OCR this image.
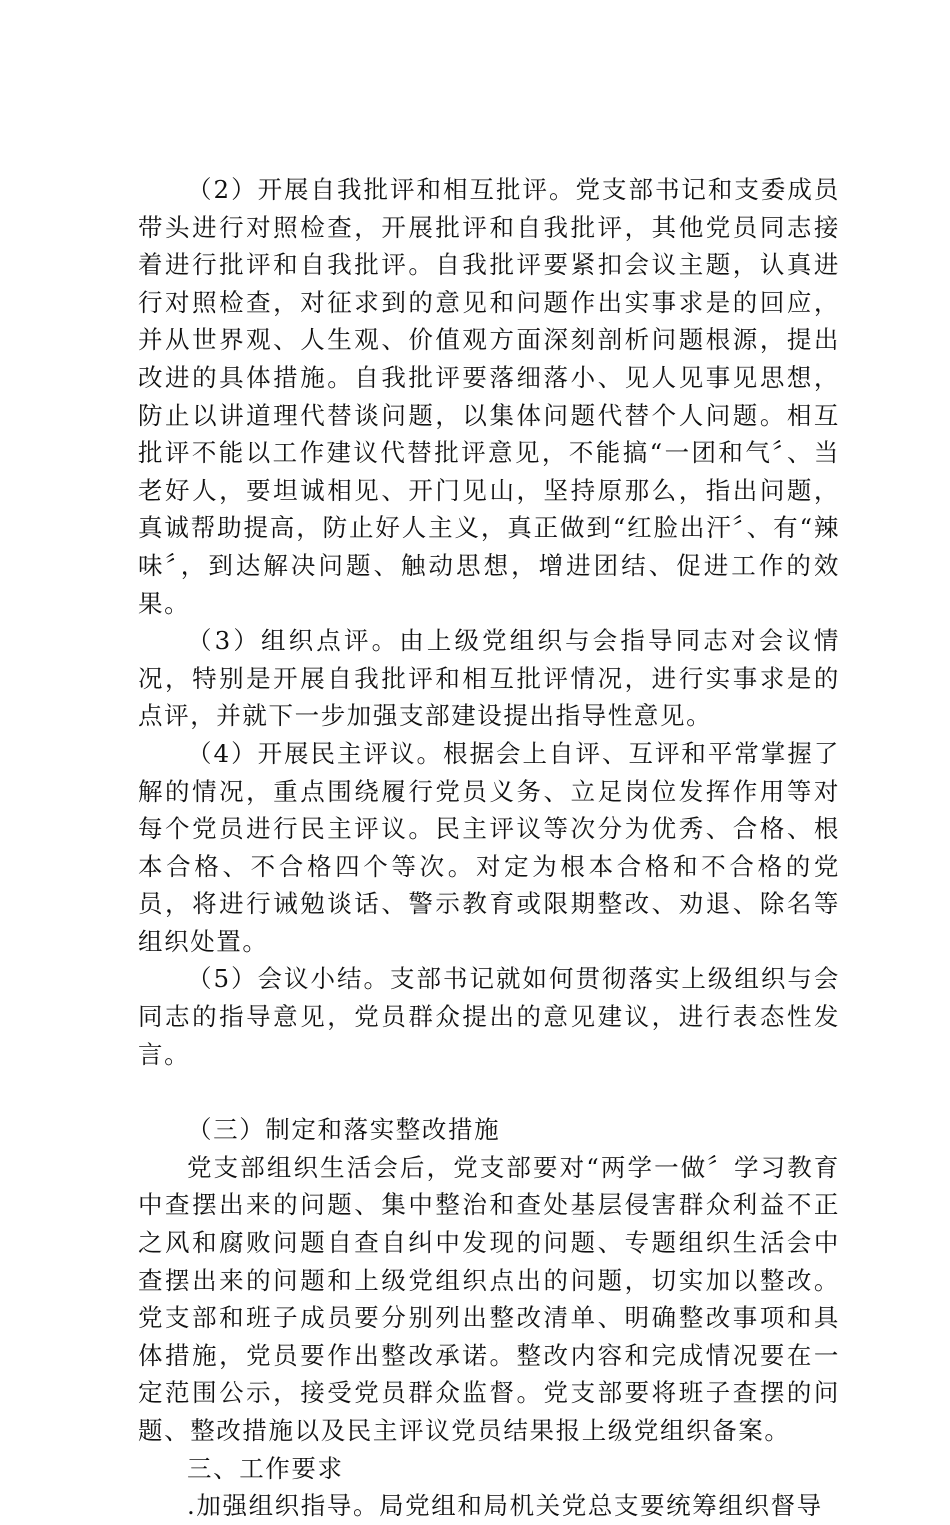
（2）开展自我批评和相互批评。党支部书记和支委成员带头进行对照检查，开展批评和自我批评，其他党员同志接着进行批评和自我批评。自我批评要紧扣会议主题，认真进行对照检查，对征求到的意见和问题作出实事求是的回应，并从世界观、人生观、价值观方面深刻剖析问题根源，提出改进的具体措施。自我批评要落细落小、见人见事见思想，防止以讲道理代替谈问题，以集体问题代替个人问题。相互批评不能以工作建议代替批评意见，不能搞“一团和气〞、当老好人，要坦诚相见、开门见山，坚持原那么，指出问题，真诚帮助提高，防止好人主义，真正做到“红脸出汗〞、有“辣味〞，到达解决问题、触动思想，增进团结、促进工作的效果。

（3）组织点评。由上级党组织与会指导同志对会议情况，特别是开展自我批评和相互批评情况，进行实事求是的点评，并就下一步加强支部建设提出指导性意见。

（4）开展民主评议。根据会上自评、互评和平常掌握了解的情况，重点围绕履行党员义务、立足岗位发挥作用等对每个党员进行民主评议。民主评议等次分为优秀、合格、根本合格、不合格四个等次。对定为根本合格和不合格的党员，将进行诫勉谈话、警示教育或限期整改、劝退、除名等组织处置。

（5）会议小结。支部书记就如何贯彻落实上级组织与会同志的指导意见，党员群众提出的意见建议，进行表态性发言。

（三）制定和落实整改措施

党支部组织生活会后，党支部要对“两学一做〞学习教育中查摆出来的问题、集中整治和查处基层侵害群众利益不正之风和腐败问题自查自纠中发现的问题、专题组织生活会中查摆出来的问题和上级党组织点出的问题，切实加以整改。党支部和班子成员要分别列出整改清单、明确整改事项和具体措施，党员要作出整改承诺。整改内容和完成情况要在一定范围公示，接受党员群众监督。党支部要将班子查摆的问题、整改措施以及民主评议党员结果报上级党组织备案。

三、工作要求

.加强组织指导。局党组和局机关党总支要统筹组织督导
